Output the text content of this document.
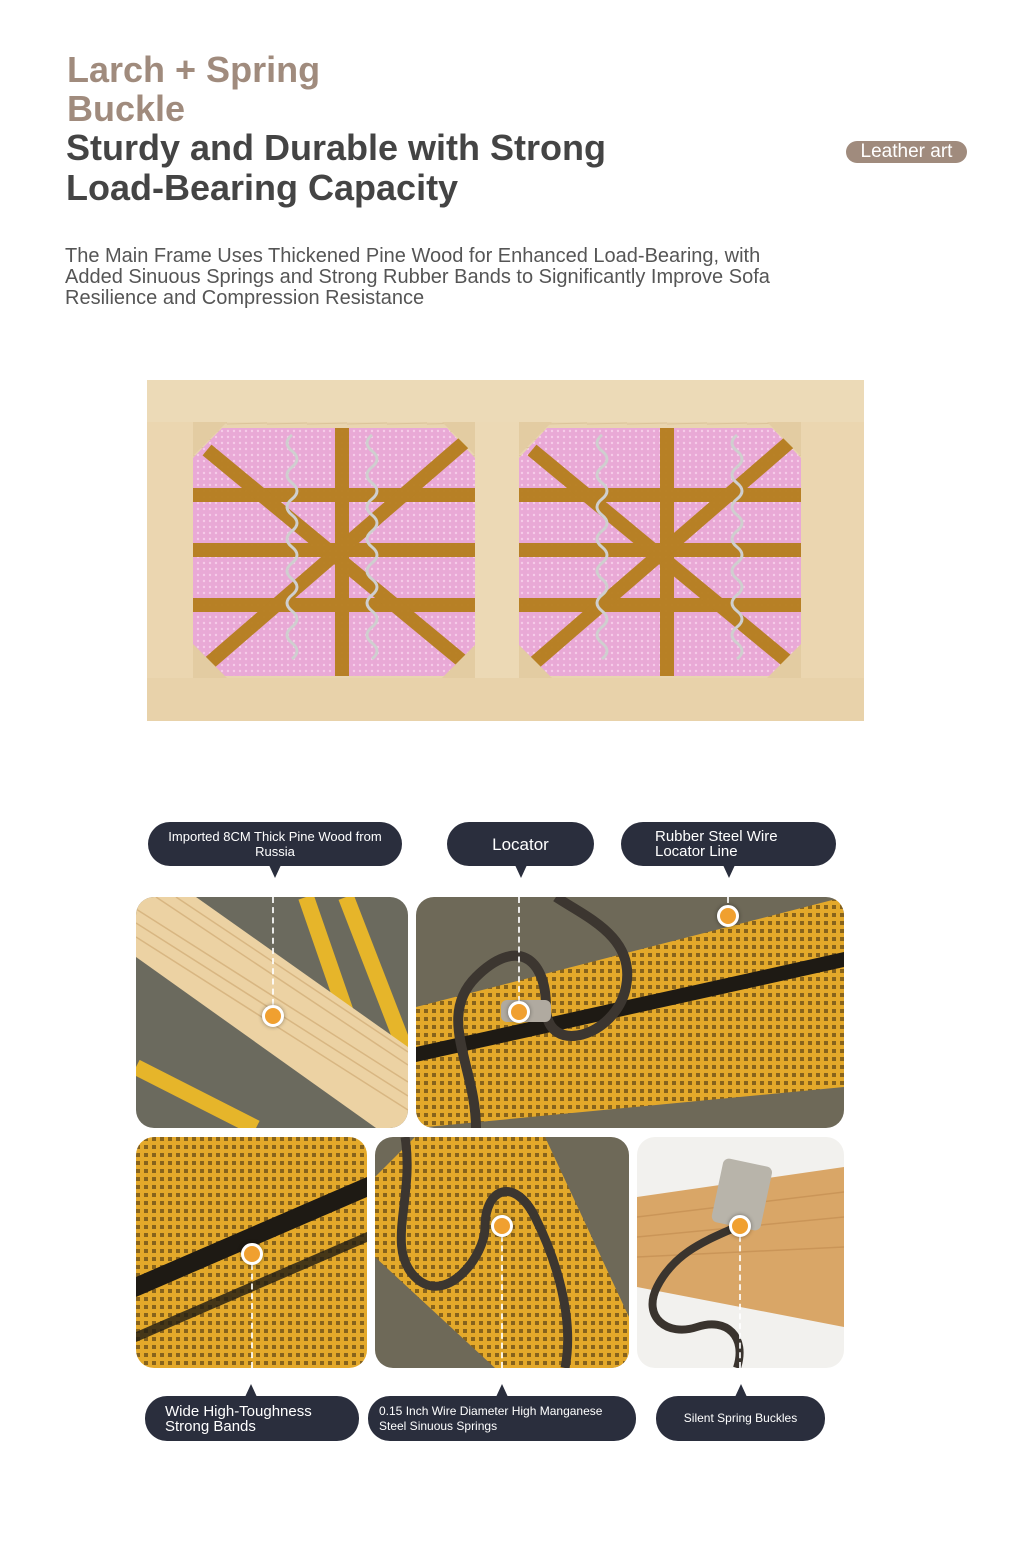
Larch + Spring Buckle
Sturdy and Durable with Strong Load-Bearing Capacity
Leather art
The Main Frame Uses Thickened Pine Wood for Enhanced Load-Bearing, with Added Sinuous Springs and Strong Rubber Bands to Significantly Improve Sofa Resilience and Compression Resistance
Imported 8CM Thick Pine Wood from Russia	Locator	Rubber Steel Wire Locator Line
Wide High-Toughness Strong Bands
0.15 Inch Wire Diameter High Manganese Steel Sinuous Springs
Silent Spring Buckles
